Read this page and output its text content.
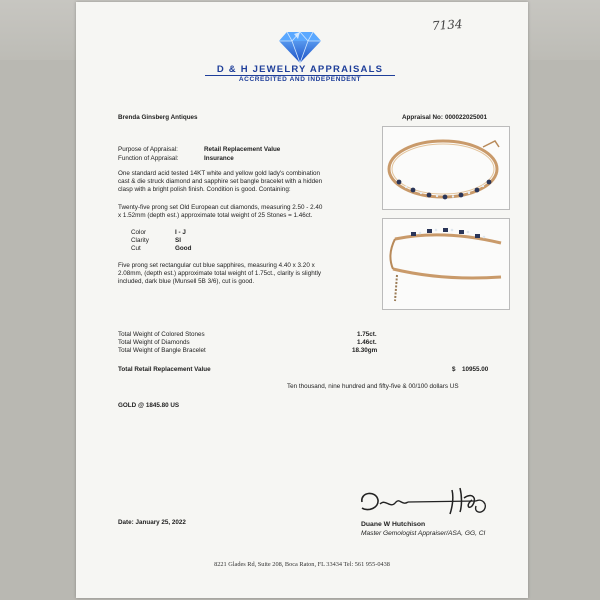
7134
D & H JEWELRY APPRAISALS
ACCREDITED AND INDEPENDENT
Brenda Ginsberg Antiques	Appraisal No: 000022025001
Purpose of Appraisal:	Retail Replacement Value
Function of Appraisal:	Insurance
One standard acid tested 14KT white and yellow gold lady's combination
cast & die struck diamond and sapphire set bangle bracelet with a hidden
clasp with a bright polish finish. Condition is good. Containing:
Twenty-five prong set Old European cut diamonds, measuring 2.50 - 2.40
x 1.52mm (depth est.) approximate total weight of 25 Stones = 1.46ct.
Color	I - J
Clarity	SI
Cut	Good
Five prong set rectangular cut blue sapphires, measuring 4.40 x 3.20 x
2.08mm, (depth est.) approximate total weight of 1.75ct., clarity is slightly
included, dark blue (Munsell 5B 3/6), cut is good.
Total Weight of Colored Stones	1.75ct.
Total Weight of Diamonds	1.46ct.
Total Weight of Bangle Bracelet	18.30gm
Total Retail Replacement Value	$ 10955.00
Ten thousand, nine hundred and fifty-five & 00/100 dollars US
GOLD @ 1845.80 US
Date: January 25, 2022	Duane W Hutchison
Master Gemologist Appraiser/ASA, GG, CI
8221 Glades Rd, Suite 208, Boca Raton, FL 33434 Tel: 561 955-0438
